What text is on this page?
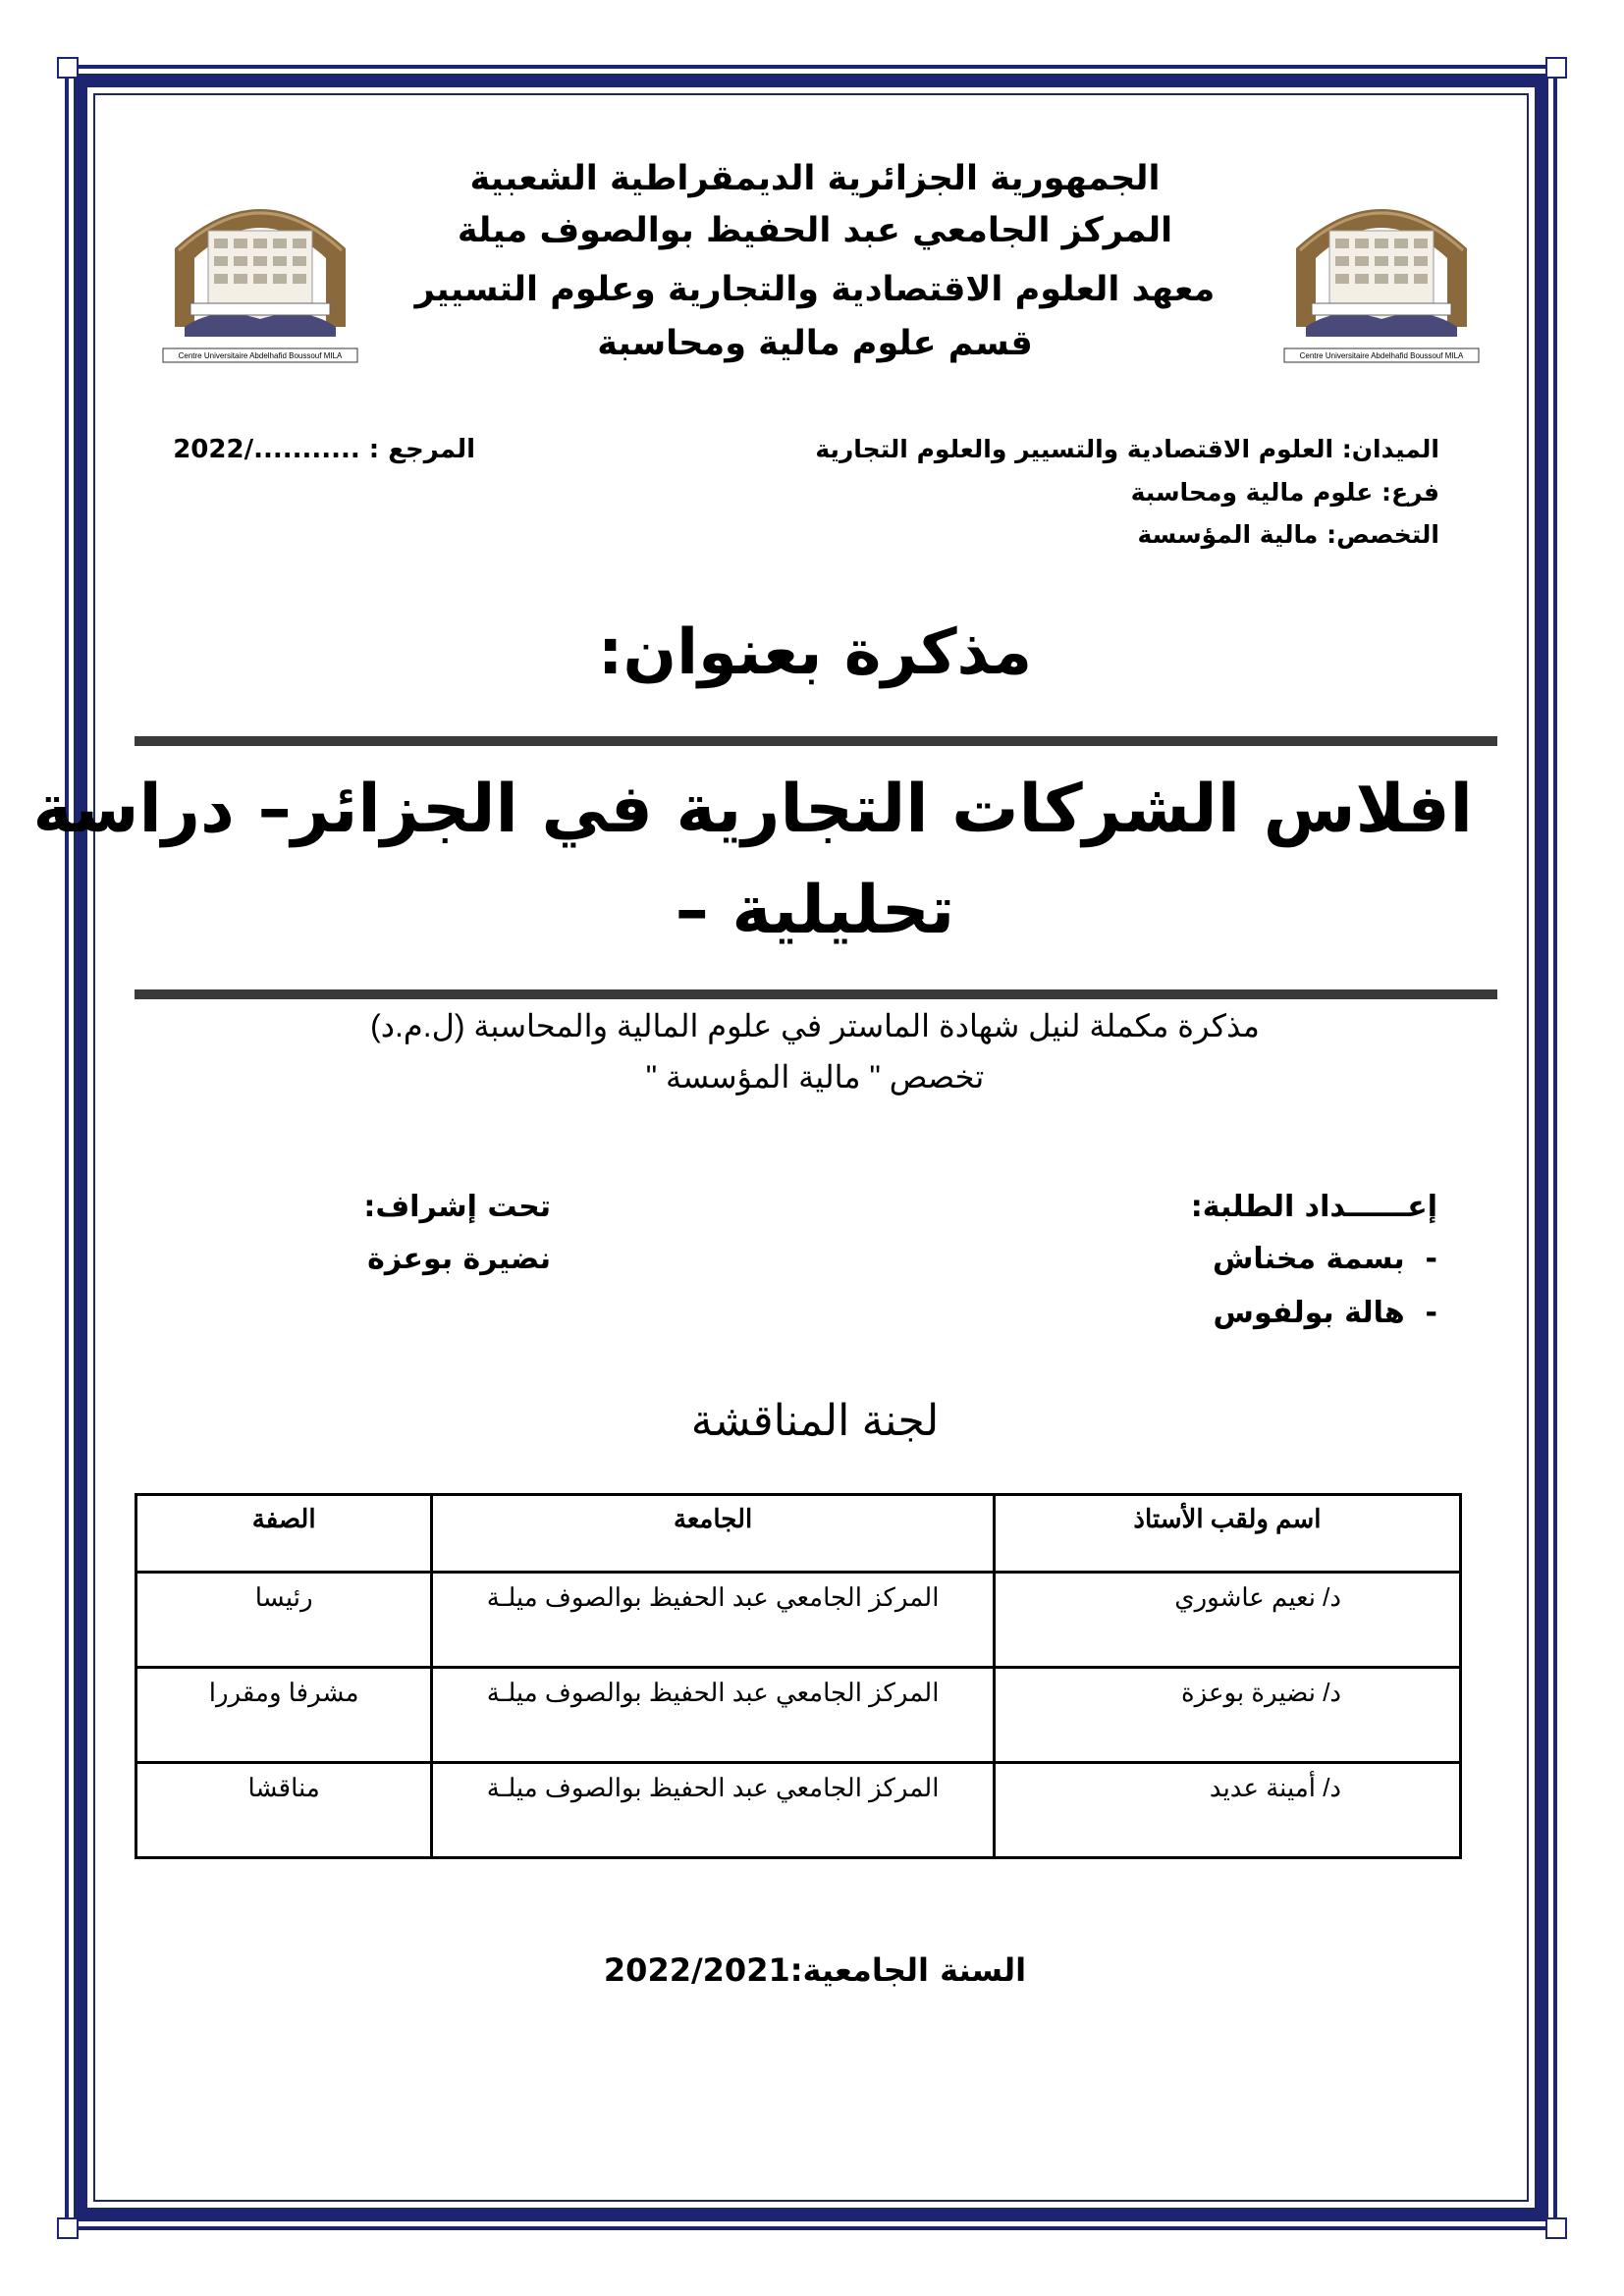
Centre Universitaire Abdelhafid Boussouf MILA	Centre Universitaire Abdelhafid Boussouf MILA
الجمهورية الجزائرية الديمقراطية الشعبية
المركز الجامعي عبد الحفيظ بوالصوف ميلة
معهد العلوم الاقتصادية والتجارية وعلوم التسيير
قسم علوم مالية ومحاسبة
الميدان: العلوم الاقتصادية والتسيير والعلوم التجارية
فرع: علوم مالية ومحاسبة
التخصص: مالية المؤسسة
المرجع : .........../2022
مذكرة بعنوان:
افلاس الشركات التجارية في الجزائر– دراسة
تحليلية –
مذكرة مكملة لنيل شهادة الماستر في علوم المالية والمحاسبة (ل.م.د)
تخصص " مالية المؤسسة "
إعــــــداد الطلبة:
-  بسمة مخناش
-  هالة بولفوس
تحت إشراف:
نضيرة بوعزة
لجنة المناقشة
اسم ولقب الأستاذ	الجامعة	الصفة
د/ نعيم عاشوري	المركز الجامعي عبد الحفيظ بوالصوف ميلـة	رئيسا
د/ نضيرة بوعزة	المركز الجامعي عبد الحفيظ بوالصوف ميلـة	مشرفا ومقررا
د/ أمينة عديد	المركز الجامعي عبد الحفيظ بوالصوف ميلـة	مناقشا
السنة الجامعية:2022/2021
